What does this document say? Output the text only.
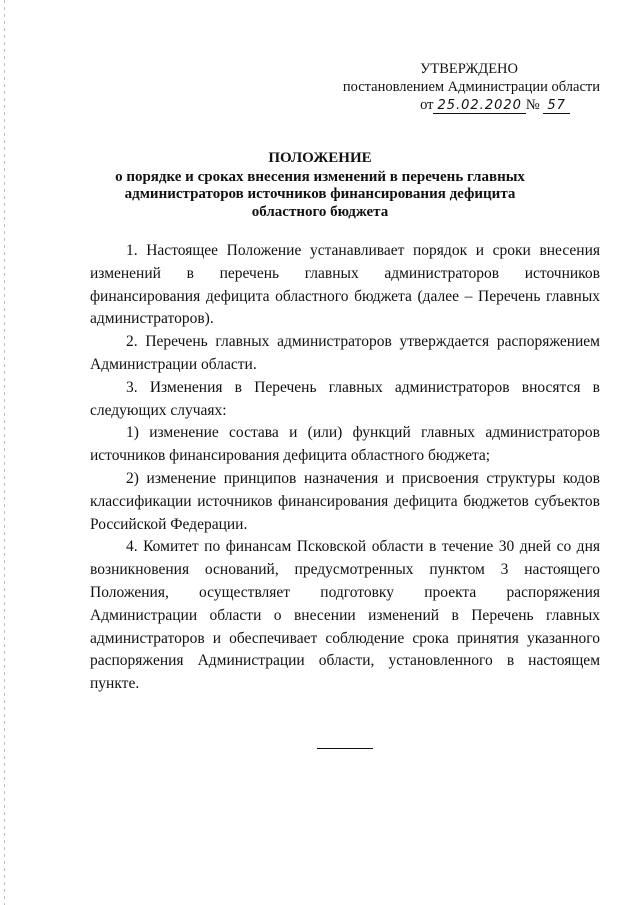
УТВЕРЖДЕНО
постановлением Администрации области
от 25.02.2020 № 57
ПОЛОЖЕНИЕ
о порядке и сроках внесения изменений в перечень главных администраторов источников финансирования дефицита областного бюджета

1. Настоящее Положение устанавливает порядок и сроки внесения изменений в перечень главных администраторов источников финансирования дефицита областного бюджета (далее – Перечень главных администраторов).

2. Перечень главных администраторов утверждается распоряжением Администрации области.

3. Изменения в Перечень главных администраторов вносятся в следующих случаях:

1) изменение состава и (или) функций главных администраторов источников финансирования дефицита областного бюджета;

2) изменение принципов назначения и присвоения структуры кодов классификации источников финансирования дефицита бюджетов субъектов Российской Федерации.

4. Комитет по финансам Псковской области в течение 30 дней со дня возникновения оснований, предусмотренных пунктом 3 настоящего Положения, осуществляет подготовку проекта распоряжения Администрации области о внесении изменений в Перечень главных администраторов и обеспечивает соблюдение срока принятия указанного распоряжения Администрации области, установленного в настоящем пункте.
